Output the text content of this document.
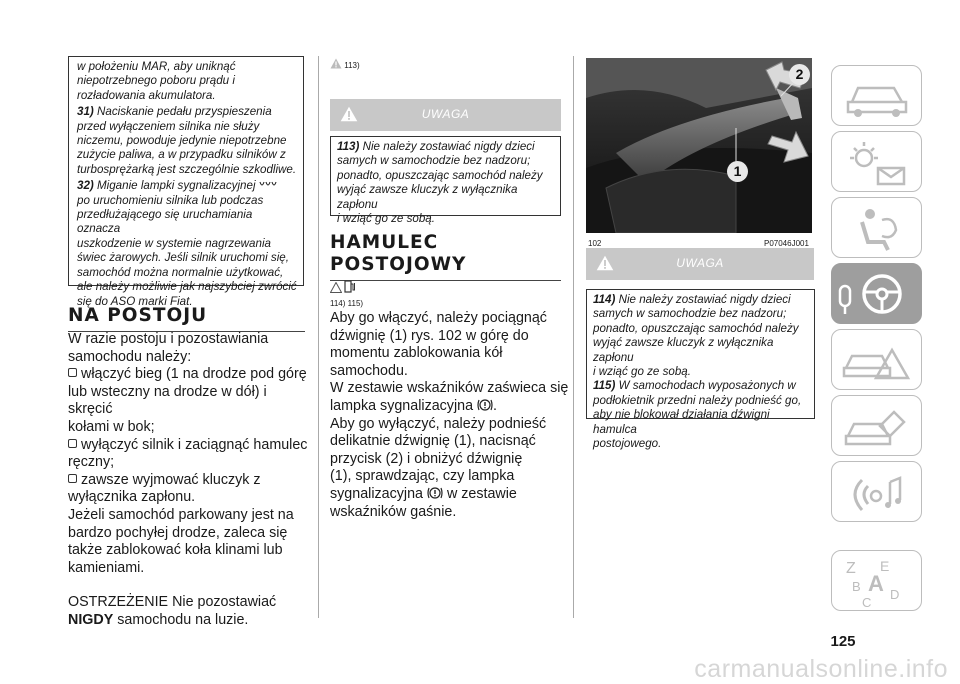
w położeniu MAR, aby uniknąć
niepotrzebnego poboru prądu i
rozładowania akumulatora.

31) Naciskanie pedału przyspieszenia
przed wyłączeniem silnika nie służy
niczemu, powoduje jedynie niepotrzebne
zużycie paliwa, a w przypadku silników z
turbosprężarką jest szczególnie szkodliwe.

32) Miganie lampki sygnalizacyjnej
po uruchomieniu silnika lub podczas
przedłużającego się uruchamiania oznacza
uszkodzenie w systemie nagrzewania
świec żarowych. Jeśli silnik uruchomi się,
samochód można normalnie użytkować,
ale należy możliwie jak najszybciej zwrócić
się do ASO marki Fiat.

NA POSTOJU

W razie postoju i pozostawiania
samochodu należy:

włączyć bieg (1 na drodze pod górę
lub wsteczny na drodze w dół) i skręcić
kołami w bok;

wyłączyć silnik i zaciągnąć hamulec
ręczny;

zawsze wyjmować kluczyk z
wyłącznika zapłonu.

Jeżeli samochód parkowany jest na
bardzo pochyłej drodze, zaleca się
także zablokować koła klinami lub
kamieniami.

OSTRZEŻENIE Nie pozostawiać
NIGDY samochodu na luzie.

113)
UWAGA

113) Nie należy zostawiać nigdy dzieci
samych w samochodzie bez nadzoru;
ponadto, opuszczając samochód należy
wyjąć zawsze kluczyk z wyłącznika zapłonu
i wziąć go ze sobą.

HAMULEC
POSTOJOWY

114) 115)

Aby go włączyć, należy pociągnąć
dźwignię (1) rys. 102 w górę do
momentu zablokowania kół
samochodu.
W zestawie wskaźników zaświeca się
lampka sygnalizacyjna .
Aby go wyłączyć, należy podnieść
delikatnie dźwignię (1), nacisnąć
przycisk (2) i obniżyć dźwignię
(1), sprawdzając, czy lampka
sygnalizacyjna w zestawie
wskaźników gaśnie.

1
2
102	P07046J001
UWAGA

114) Nie należy zostawiać nigdy dzieci
samych w samochodzie bez nadzoru;
ponadto, opuszczając samochód należy
wyjąć zawsze kluczyk z wyłącznika zapłonu
i wziąć go ze sobą.
115) W samochodach wyposażonych w
podłokietnik przedni należy podnieść go,
aby nie blokował działania dźwigni hamulca
postojowego.

Z E
B A
C
D
125
carmanualsonline.info
